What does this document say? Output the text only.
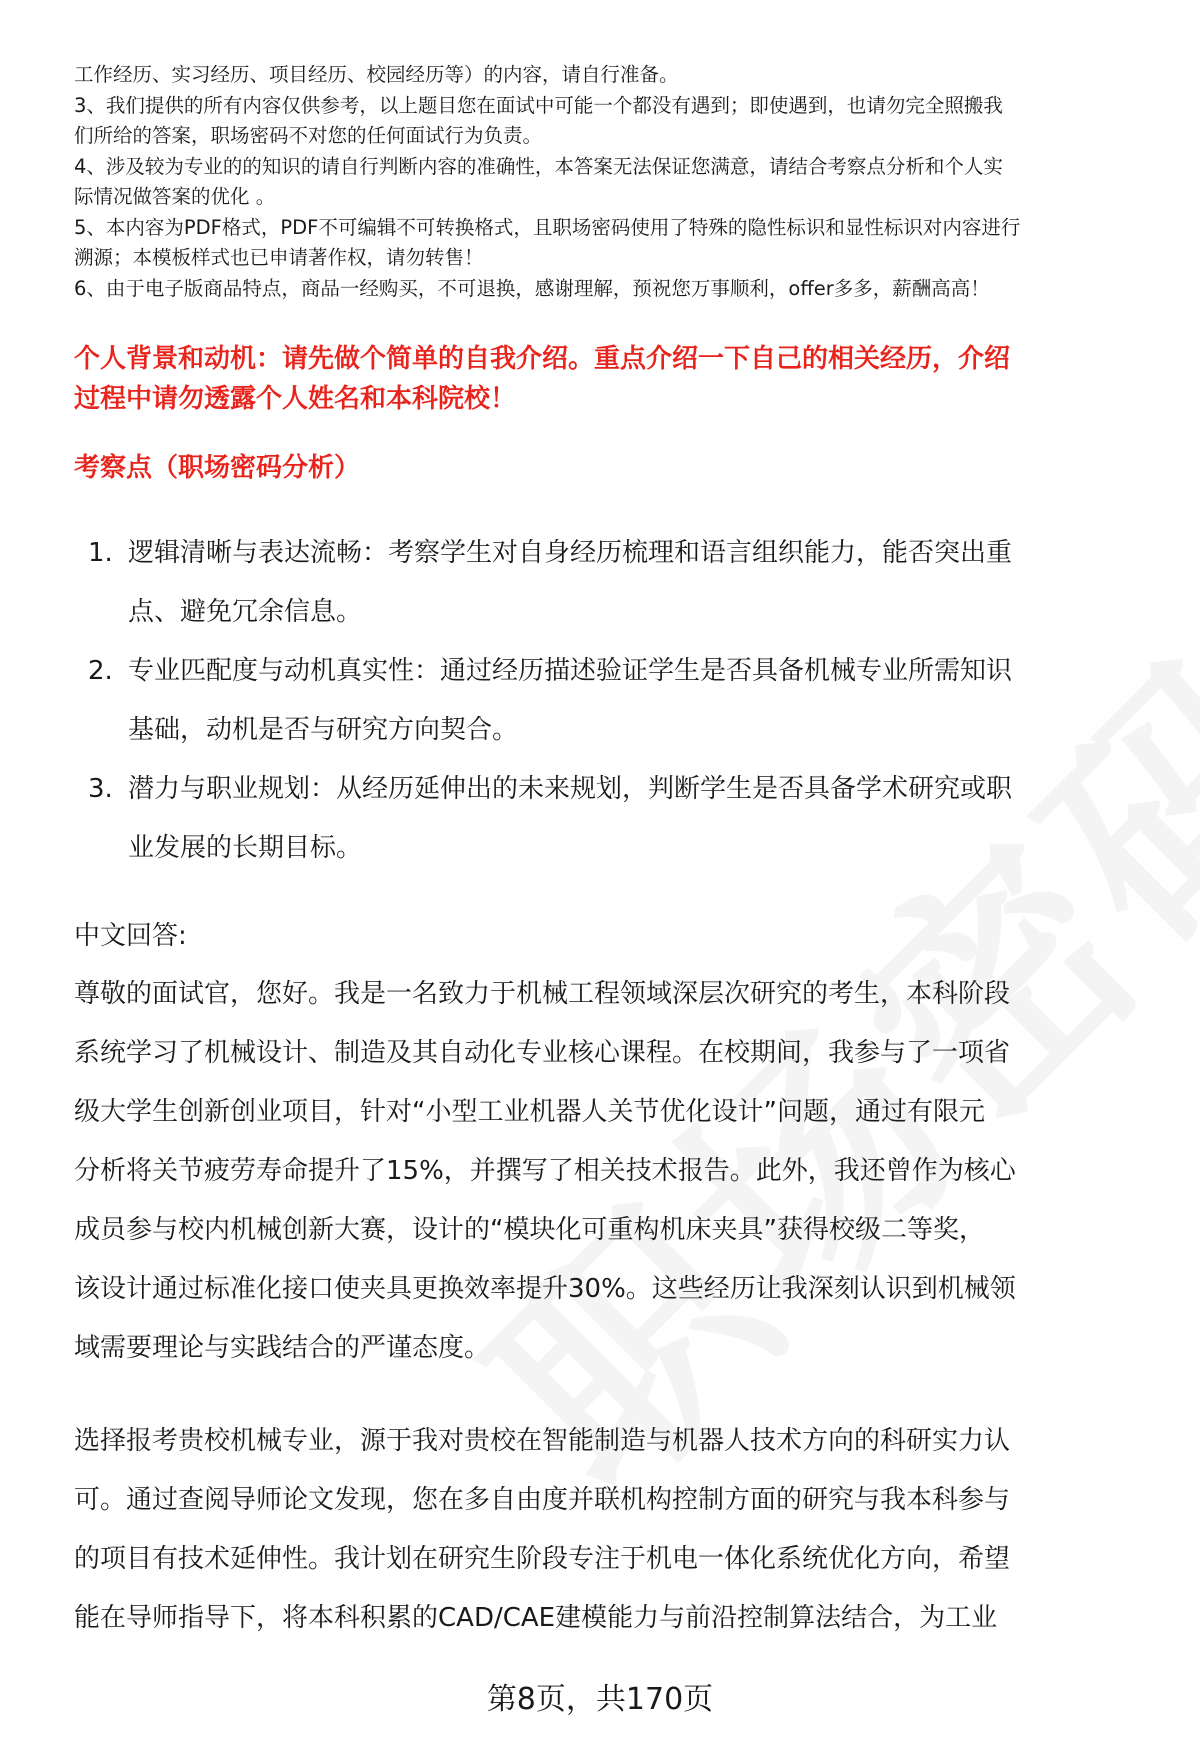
工作经历、实习经历、项目经历、校园经历等）的内容，请自行准备。

3、我们提供的所有内容仅供参考，以上题目您在面试中可能一个都没有遇到；即使遇到，也请勿完全照搬我

们所给的答案，职场密码不对您的任何面试行为负责。

4、涉及较为专业的的知识的请自行判断内容的准确性，本答案无法保证您满意，请结合考察点分析和个人实

际情况做答案的优化 。

5、本内容为PDF格式，PDF不可编辑不可转换格式，且职场密码使用了特殊的隐性标识和显性标识对内容进行

溯源；本模板样式也已申请著作权，请勿转售！

6、由于电子版商品特点，商品一经购买，不可退换，感谢理解，预祝您万事顺利，offer多多，薪酬高高！

个人背景和动机：请先做个简单的自我介绍。重点介绍一下自己的相关经历，介绍
过程中请勿透露个人姓名和本科院校！
考察点（职场密码分析）
1. 逻辑清晰与表达流畅：考察学生对自身经历梳理和语言组织能力，能否突出重
点、避免冗余信息。
2. 专业匹配度与动机真实性：通过经历描述验证学生是否具备机械专业所需知识
基础，动机是否与研究方向契合。
3. 潜力与职业规划：从经历延伸出的未来规划，判断学生是否具备学术研究或职
业发展的长期目标。
中文回答:
尊敬的面试官，您好。我是一名致力于机械工程领域深层次研究的考生，本科阶段
系统学习了机械设计、制造及其自动化专业核心课程。在校期间，我参与了一项省
级大学生创新创业项目，针对“小型工业机器人关节优化设计”问题，通过有限元
分析将关节疲劳寿命提升了15%，并撰写了相关技术报告。此外，我还曾作为核心
成员参与校内机械创新大赛，设计的“模块化可重构机床夹具”获得校级二等奖，
该设计通过标准化接口使夹具更换效率提升30%。这些经历让我深刻认识到机械领
域需要理论与实践结合的严谨态度。
选择报考贵校机械专业，源于我对贵校在智能制造与机器人技术方向的科研实力认
可。通过查阅导师论文发现，您在多自由度并联机构控制方面的研究与我本科参与
的项目有技术延伸性。我计划在研究生阶段专注于机电一体化系统优化方向，希望
能在导师指导下，将本科积累的CAD/CAE建模能力与前沿控制算法结合，为工业
第8页，共170页
